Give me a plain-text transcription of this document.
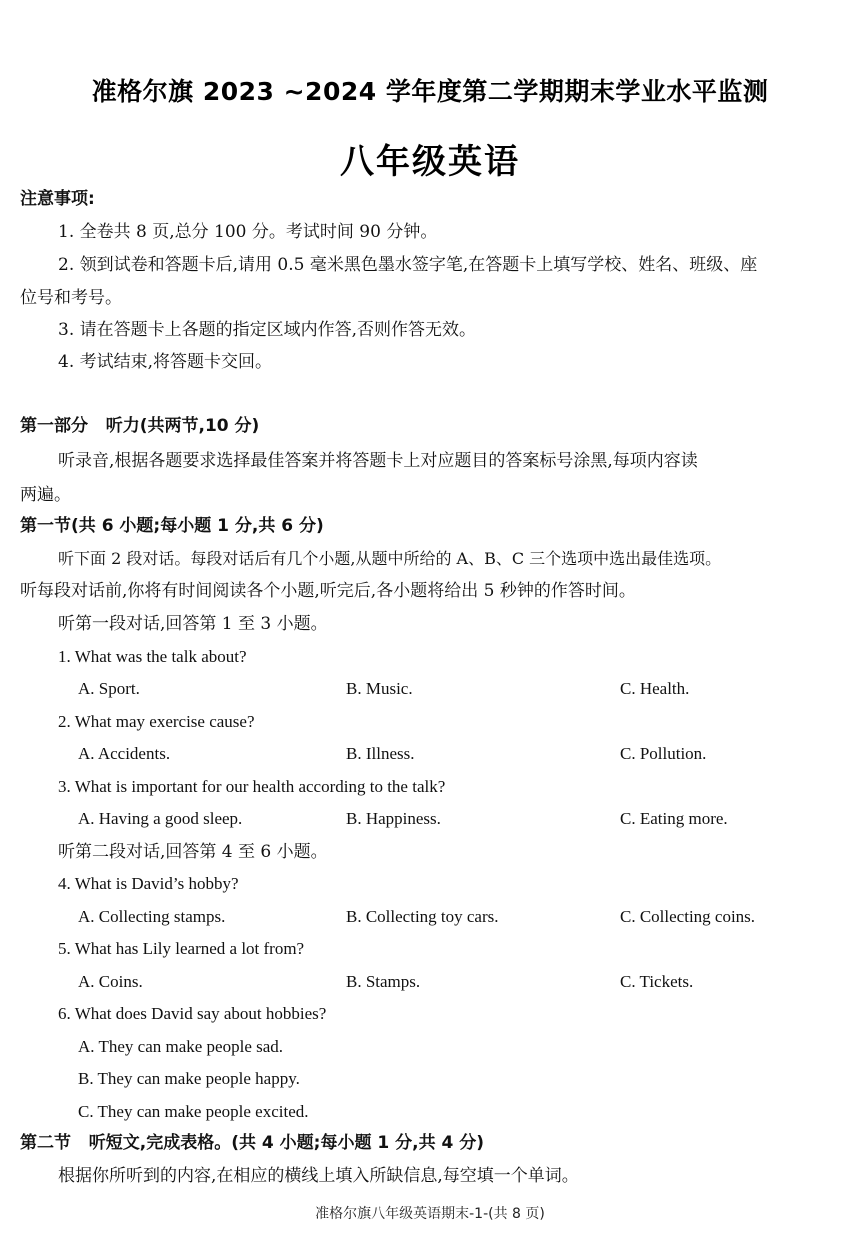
准格尔旗 2023 ~2024 学年度第二学期期末学业水平监测
八年级英语
注意事项:
1. 全卷共 8 页,总分 100 分。考试时间 90 分钟。
2. 领到试卷和答题卡后,请用 0.5 毫米黑色墨水签字笔,在答题卡上填写学校、姓名、班级、座
位号和考号。
3. 请在答题卡上各题的指定区域内作答,否则作答无效。
4. 考试结束,将答题卡交回。
第一部分   听力(共两节,10 分)
听录音,根据各题要求选择最佳答案并将答题卡上对应题目的答案标号涂黑,每项内容读
两遍。
第一节(共 6 小题;每小题 1 分,共 6 分)
听下面 2 段对话。每段对话后有几个小题,从题中所给的 A、B、C 三个选项中选出最佳选项。
听每段对话前,你将有时间阅读各个小题,听完后,各小题将给出 5 秒钟的作答时间。
听第一段对话,回答第 1 至 3 小题。
1. What was the talk about?
A. Sport.	B. Music.	C. Health.
2. What may exercise cause?
A. Accidents.	B. Illness.	C. Pollution.
3. What is important for our health according to the talk?
A. Having a good sleep.	B. Happiness.	C. Eating more.
听第二段对话,回答第 4 至 6 小题。
4. What is David’s hobby?
A. Collecting stamps.	B. Collecting toy cars.	C. Collecting coins.
5. What has Lily learned a lot from?
A. Coins.	B. Stamps.	C. Tickets.
6. What does David say about hobbies?
A. They can make people sad.
B. They can make people happy.
C. They can make people excited.
第二节   听短文,完成表格。(共 4 小题;每小题 1 分,共 4 分)
根据你所听到的内容,在相应的横线上填入所缺信息,每空填一个单词。
准格尔旗八年级英语期末-1-(共 8 页)
